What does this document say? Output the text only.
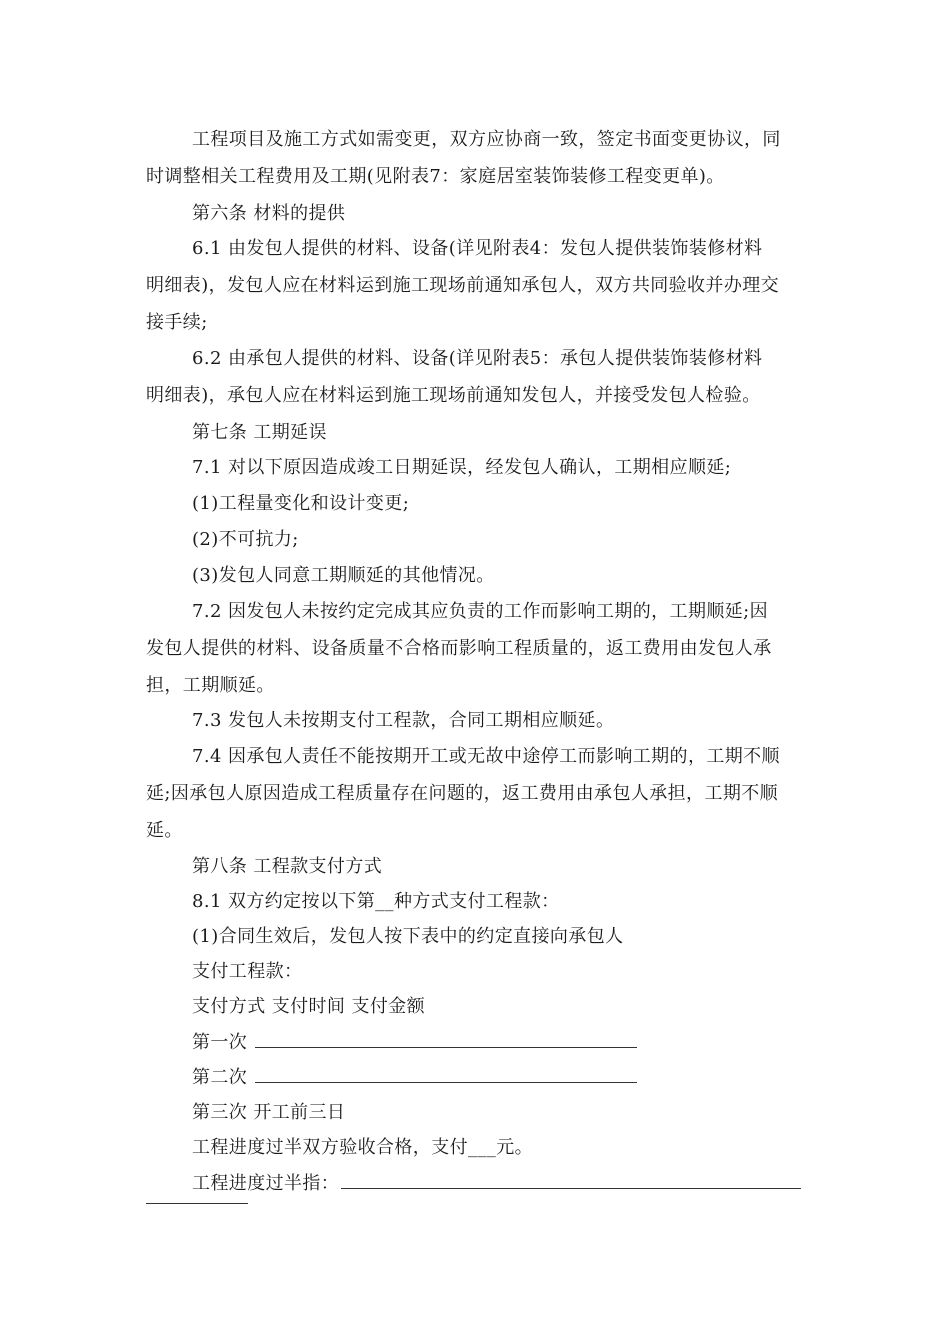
工程项目及施工方式如需变更，双方应协商一致，签定书面变更协议，同
时调整相关工程费用及工期(见附表7：家庭居室装饰装修工程变更单)。
第六条 材料的提供
6.1 由发包人提供的材料、设备(详见附表4：发包人提供装饰装修材料
明细表)，发包人应在材料运到施工现场前通知承包人，双方共同验收并办理交
接手续;
6.2 由承包人提供的材料、设备(详见附表5：承包人提供装饰装修材料
明细表)，承包人应在材料运到施工现场前通知发包人，并接受发包人检验。
第七条 工期延误
7.1 对以下原因造成竣工日期延误，经发包人确认，工期相应顺延;
(1)工程量变化和设计变更;
(2)不可抗力;
(3)发包人同意工期顺延的其他情况。
7.2 因发包人未按约定完成其应负责的工作而影响工期的，工期顺延;因
发包人提供的材料、设备质量不合格而影响工程质量的，返工费用由发包人承
担，工期顺延。
7.3 发包人未按期支付工程款，合同工期相应顺延。
7.4 因承包人责任不能按期开工或无故中途停工而影响工期的，工期不顺
延;因承包人原因造成工程质量存在问题的，返工费用由承包人承担，工期不顺
延。
第八条 工程款支付方式
8.1 双方约定按以下第__种方式支付工程款：
(1)合同生效后，发包人按下表中的约定直接向承包人
支付工程款：
支付方式 支付时间 支付金额
第一次
第二次
第三次 开工前三日
工程进度过半双方验收合格，支付___元。
工程进度过半指：
